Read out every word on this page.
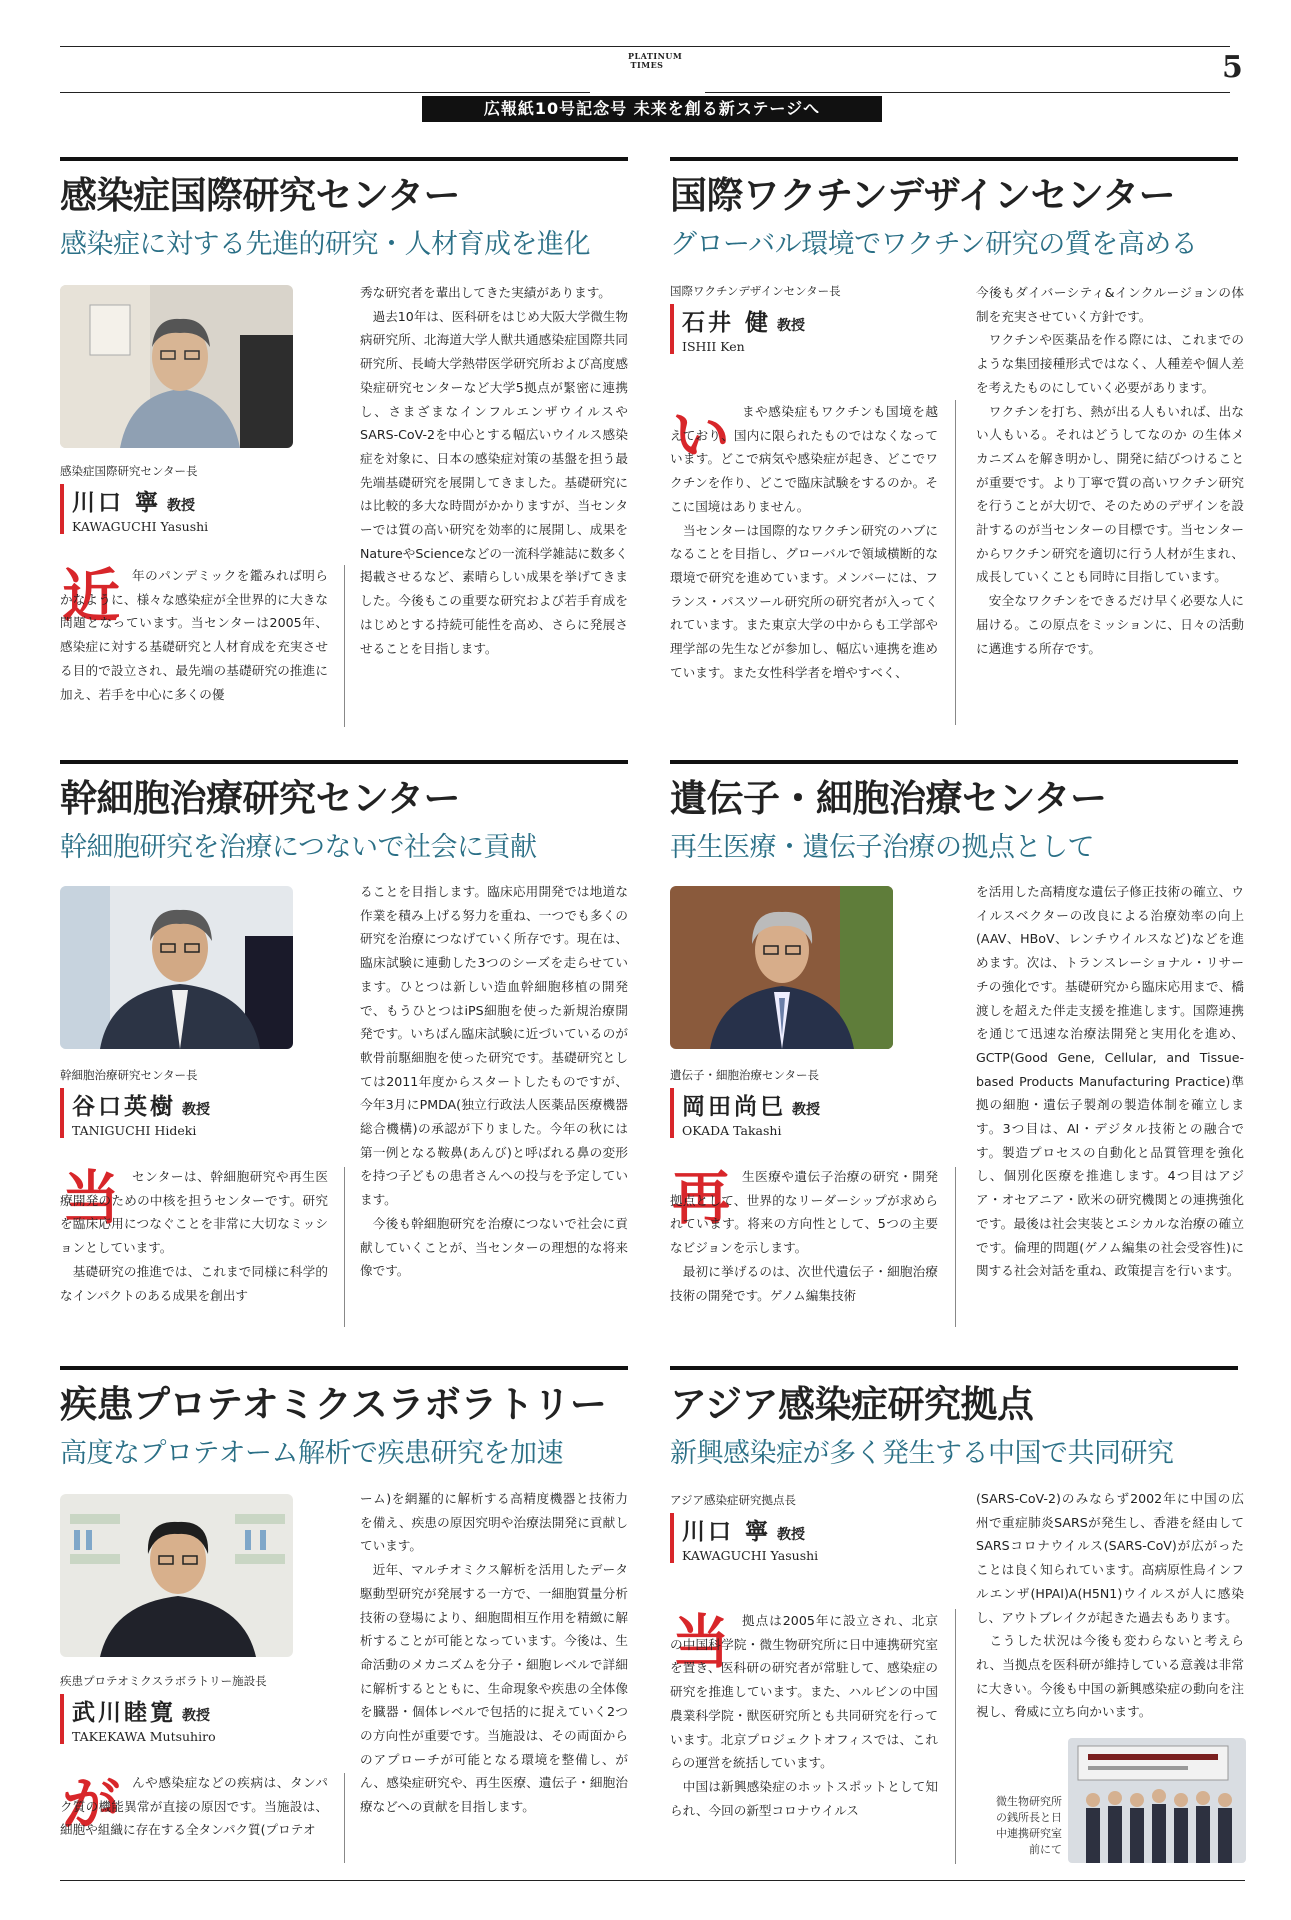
PLATINUM TIMES	5
広報紙10号記念号 未来を創る新ステージへ
感染症国際研究センター
感染症に対する先進的研究・人材育成を進化
感染症国際研究センター長
川口 寧 教授
KAWAGUCHI Yasushi
近 年のパンデミックを鑑みれば明らかなように、様々な感染症が全世界的に大きな問題となっています。当センターは2005年、感染症に対する基礎研究と人材育成を充実させる目的で設立され、最先端の基礎研究の推進に加え、若手を中心に多くの優

秀な研究者を輩出してきた実績があります。
　過去10年は、医科研をはじめ大阪大学微生物病研究所、北海道大学人獣共通感染症国際共同研究所、長崎大学熱帯医学研究所および高度感染症研究センターなど大学5拠点が緊密に連携し、さまざまなインフルエンザウイルスやSARS-CoV-2を中心とする幅広いウイルス感染症を対象に、日本の感染症対策の基盤を担う最先端基礎研究を展開してきました。基礎研究には比較的多大な時間がかかりますが、当センターでは質の高い研究を効率的に展開し、成果をNatureやScienceなどの一流科学雑誌に数多く掲載させるなど、素晴らしい成果を挙げてきました。今後もこの重要な研究および若手育成をはじめとする持続可能性を高め、さらに発展させることを目指します。
国際ワクチンデザインセンター
グローバル環境でワクチン研究の質を高める
国際ワクチンデザインセンター長
石井 健 教授
ISHII Ken
い まや感染症もワクチンも国境を越えており、国内に限られたものではなくなっています。どこで病気や感染症が起き、どこでワクチンを作り、どこで臨床試験をするのか。そこに国境はありません。
　当センターは国際的なワクチン研究のハブになることを目指し、グローバルで領域横断的な環境で研究を進めています。メンバーには、フランス・パスツール研究所の研究者が入ってくれています。また東京大学の中からも工学部や理学部の先生などが参加し、幅広い連携を進めています。また女性科学者を増やすべく、
今後もダイバーシティ&インクルージョンの体制を充実させていく方針です。
　ワクチンや医薬品を作る際には、これまでのような集団接種形式ではなく、人種差や個人差を考えたものにしていく必要があります。
　ワクチンを打ち、熱が出る人もいれば、出ない人もいる。それはどうしてなのか の生体メカニズムを解き明かし、開発に結びつけることが重要です。より丁寧で質の高いワクチン研究を行うことが大切で、そのためのデザインを設計するのが当センターの目標です。当センターからワクチン研究を適切に行う人材が生まれ、成長していくことも同時に目指しています。
　安全なワクチンをできるだけ早く必要な人に届ける。この原点をミッションに、日々の活動に邁進する所存です。
幹細胞治療研究センター
幹細胞研究を治療につないで社会に貢献
幹細胞治療研究センター長
谷口英樹 教授
TANIGUCHI Hideki
当 センターは、幹細胞研究や再生医療開発のための中核を担うセンターです。研究を臨床応用につなぐことを非常に大切なミッションとしています。
　基礎研究の推進では、これまで同様に科学的なインパクトのある成果を創出す
ることを目指します。臨床応用開発では地道な作業を積み上げる努力を重ね、一つでも多くの研究を治療につなげていく所存です。現在は、臨床試験に連動した3つのシーズを走らせています。ひとつは新しい造血幹細胞移植の開発で、もうひとつはiPS細胞を使った新規治療開発です。いちばん臨床試験に近づいているのが軟骨前駆細胞を使った研究です。基礎研究としては2011年度からスタートしたものですが、今年3月にPMDA(独立行政法人医薬品医療機器総合機構)の承認が下りました。今年の秋には第一例となる鞍鼻(あんび)と呼ばれる鼻の変形を持つ子どもの患者さんへの投与を予定しています。
　今後も幹細胞研究を治療につないで社会に貢献していくことが、当センターの理想的な将来像です。
遺伝子・細胞治療センター
再生医療・遺伝子治療の拠点として
遺伝子・細胞治療センター長
岡田尚巳 教授
OKADA Takashi
再 生医療や遺伝子治療の研究・開発拠点として、世界的なリーダーシップが求められています。将来の方向性として、5つの主要なビジョンを示します。
　最初に挙げるのは、次世代遺伝子・細胞治療技術の開発です。ゲノム編集技術
を活用した高精度な遺伝子修正技術の確立、ウイルスベクターの改良による治療効率の向上(AAV、HBoV、レンチウイルスなど)などを進めます。次は、トランスレーショナル・リサーチの強化です。基礎研究から臨床応用まで、橋渡しを超えた伴走支援を推進します。国際連携を通じて迅速な治療法開発と実用化を進め、GCTP(Good Gene, Cellular, and Tissue-based Products Manufacturing Practice)準拠の細胞・遺伝子製剤の製造体制を確立します。3つ目は、AI・デジタル技術との融合です。製造プロセスの自動化と品質管理を強化し、個別化医療を推進します。4つ目はアジア・オセアニア・欧米の研究機関との連携強化です。最後は社会実装とエシカルな治療の確立です。倫理的問題(ゲノム編集の社会受容性)に関する社会対話を重ね、政策提言を行います。
疾患プロテオミクスラボラトリー
高度なプロテオーム解析で疾患研究を加速
疾患プロテオミクスラボラトリー施設長
武川睦寛 教授
TAKEKAWA Mutsuhiro
が んや感染症などの疾病は、タンパク質の機能異常が直接の原因です。当施設は、細胞や組織に存在する全タンパク質(プロテオ
ーム)を網羅的に解析する高精度機器と技術力を備え、疾患の原因究明や治療法開発に貢献しています。
　近年、マルチオミクス解析を活用したデータ駆動型研究が発展する一方で、一細胞質量分析技術の登場により、細胞間相互作用を精緻に解析することが可能となっています。今後は、生命活動のメカニズムを分子・細胞レベルで詳細に解析するとともに、生命現象や疾患の全体像を臓器・個体レベルで包括的に捉えていく2つの方向性が重要です。当施設は、その両面からのアプローチが可能となる環境を整備し、がん、感染症研究や、再生医療、遺伝子・細胞治療などへの貢献を目指します。
アジア感染症研究拠点
新興感染症が多く発生する中国で共同研究
アジア感染症研究拠点長
川口 寧 教授
KAWAGUCHI Yasushi
当 拠点は2005年に設立され、北京の中国科学院・微生物研究所に日中連携研究室を置き、医科研の研究者が常駐して、感染症の研究を推進しています。また、ハルビンの中国農業科学院・獣医研究所とも共同研究を行っています。北京プロジェクトオフィスでは、これらの運営を統括しています。
　中国は新興感染症のホットスポットとして知られ、今回の新型コロナウイルス
(SARS-CoV-2)のみならず2002年に中国の広州で重症肺炎SARSが発生し、香港を経由してSARSコロナウイルス(SARS-CoV)が広がったことは良く知られています。高病原性鳥インフルエンザ(HPAI)A(H5N1)ウイルスが人に感染し、アウトブレイクが起きた過去もあります。
　こうした状況は今後も変わらないと考えられ、当拠点を医科研が維持している意義は非常に大きい。今後も中国の新興感染症の動向を注視し、脅威に立ち向かいます。
微生物研究所の銭所長と日中連携研究室前にて
